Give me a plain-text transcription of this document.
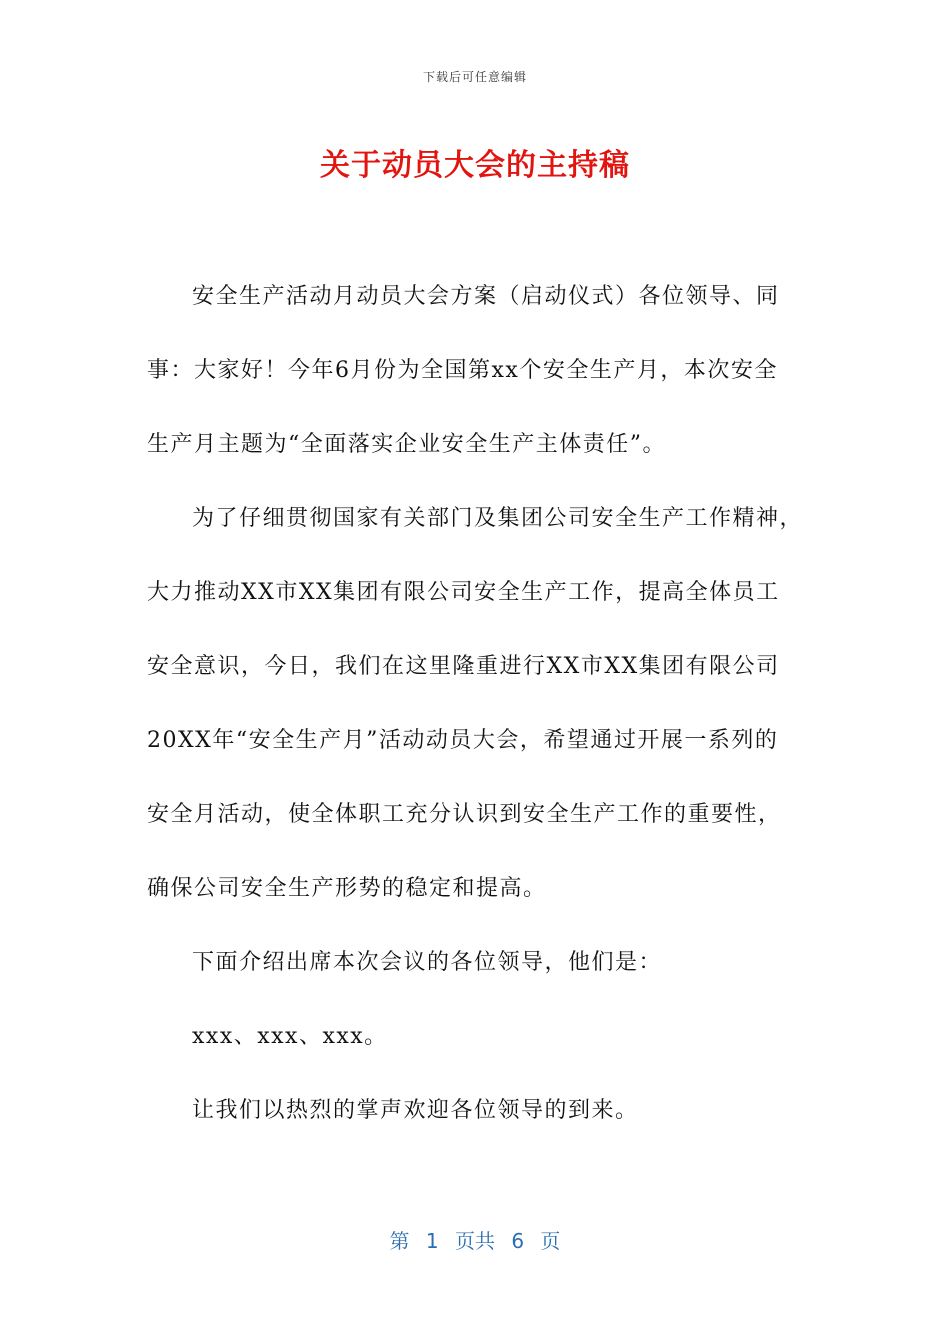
下载后可任意编辑
关于动员大会的主持稿
安全生产活动月动员大会方案（启动仪式）各位领导、同
事：大家好！今年6月份为全国第xx个安全生产月，本次安全
生产月主题为“全面落实企业安全生产主体责任”。
为了仔细贯彻国家有关部门及集团公司安全生产工作精神，
大力推动XX市XX集团有限公司安全生产工作，提高全体员工
安全意识，今日，我们在这里隆重进行XX市XX集团有限公司
20XX年“安全生产月”活动动员大会，希望通过开展一系列的
安全月活动，使全体职工充分认识到安全生产工作的重要性，
确保公司安全生产形势的稳定和提高。
下面介绍出席本次会议的各位领导，他们是：
xxx、xxx、xxx。
让我们以热烈的掌声欢迎各位领导的到来。
第 1 页共 6 页
